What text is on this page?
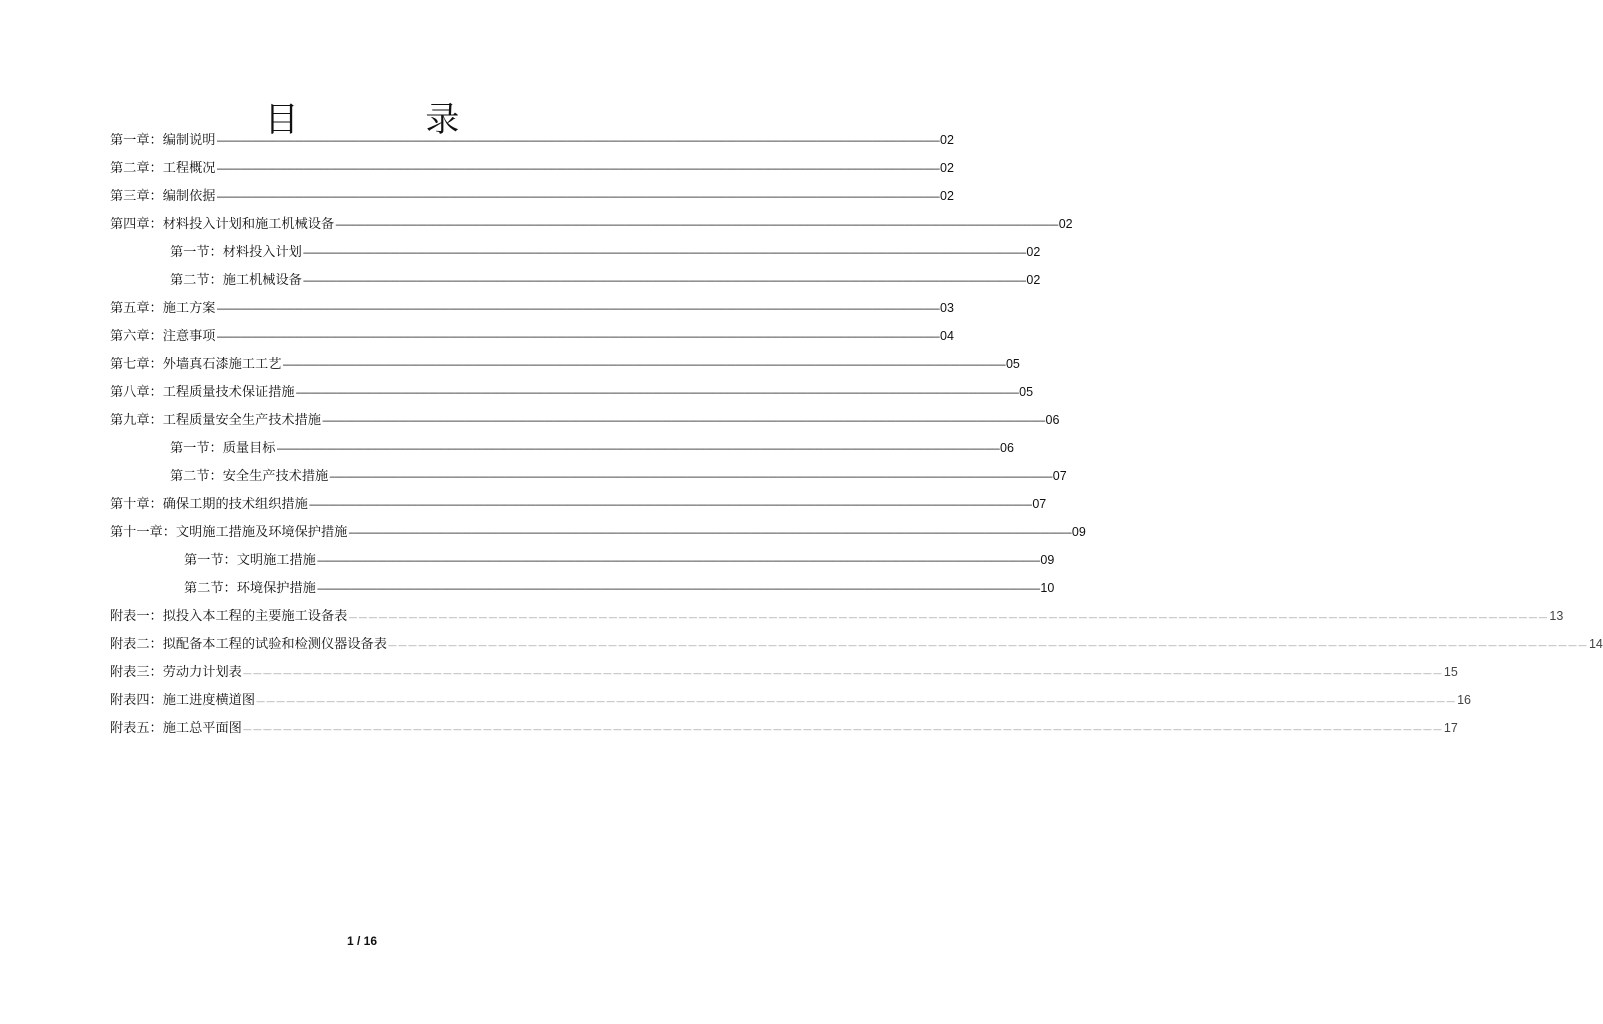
目 录
第一章：编制说明 ------------------------------------------------------------------------------------------------------------------------------------------------------------------------------------------------------------------------------------------------------------------------------------------------------------ 02
第二章：工程概况 ------------------------------------------------------------------------------------------------------------------------------------------------------------------------------------------------------------------------------------------------------------------------------------------------------------ 02
第三章：编制依据 ------------------------------------------------------------------------------------------------------------------------------------------------------------------------------------------------------------------------------------------------------------------------------------------------------------ 02
第四章：材料投入计划和施工机械设备 ------------------------------------------------------------------------------------------------------------------------------------------------------------------------------------------------------------------------------------------------------------------------------------------------------------ 02
第一节：材料投入计划 ------------------------------------------------------------------------------------------------------------------------------------------------------------------------------------------------------------------------------------------------------------------------------------------------------------ 02
第二节：施工机械设备 ------------------------------------------------------------------------------------------------------------------------------------------------------------------------------------------------------------------------------------------------------------------------------------------------------------ 02
第五章：施工方案 ------------------------------------------------------------------------------------------------------------------------------------------------------------------------------------------------------------------------------------------------------------------------------------------------------------ 03
第六章：注意事项 ------------------------------------------------------------------------------------------------------------------------------------------------------------------------------------------------------------------------------------------------------------------------------------------------------------ 04
第七章：外墙真石漆施工工艺 ------------------------------------------------------------------------------------------------------------------------------------------------------------------------------------------------------------------------------------------------------------------------------------------------------------ 05
第八章：工程质量技术保证措施 ------------------------------------------------------------------------------------------------------------------------------------------------------------------------------------------------------------------------------------------------------------------------------------------------------------ 05
第九章：工程质量安全生产技术措施 ------------------------------------------------------------------------------------------------------------------------------------------------------------------------------------------------------------------------------------------------------------------------------------------------------------ 06
第一节：质量目标 ------------------------------------------------------------------------------------------------------------------------------------------------------------------------------------------------------------------------------------------------------------------------------------------------------------ 06
第二节：安全生产技术措施 ------------------------------------------------------------------------------------------------------------------------------------------------------------------------------------------------------------------------------------------------------------------------------------------------------------ 07
第十章：确保工期的技术组织措施 ------------------------------------------------------------------------------------------------------------------------------------------------------------------------------------------------------------------------------------------------------------------------------------------------------------ 07
第十一章：文明施工措施及环境保护措施 ------------------------------------------------------------------------------------------------------------------------------------------------------------------------------------------------------------------------------------------------------------------------------------------------------------ 09
第一节：文明施工措施 ------------------------------------------------------------------------------------------------------------------------------------------------------------------------------------------------------------------------------------------------------------------------------------------------------------ 09
第二节：环境保护措施 ------------------------------------------------------------------------------------------------------------------------------------------------------------------------------------------------------------------------------------------------------------------------------------------------------------ 10
附表一：拟投入本工程的主要施工设备表 ———————————————————————————————————————————————————————————————————————————————————————————————————————————————————————— 13
附表二：拟配备本工程的试验和检测仪器设备表 ———————————————————————————————————————————————————————————————————————————————————————————————————————————————————————— 14
附表三：劳动力计划表 ———————————————————————————————————————————————————————————————————————————————————————————————————————————————————————— 15
附表四：施工进度横道图 ———————————————————————————————————————————————————————————————————————————————————————————————————————————————————————— 16
附表五：施工总平面图 ———————————————————————————————————————————————————————————————————————————————————————————————————————————————————————— 17
1 / 16
